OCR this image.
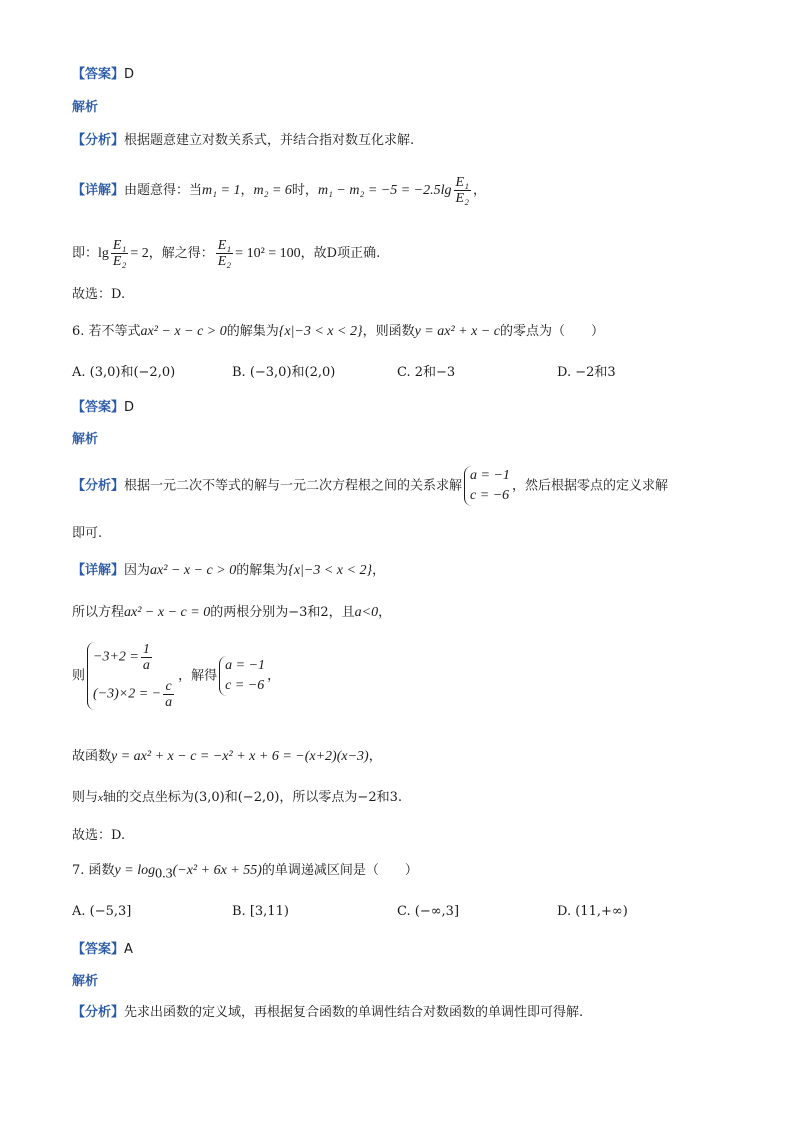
【答案】D
解析
【分析】根据题意建立对数关系式，并结合指对数互化求解.
【详解】由题意得：当m₁ = 1，m₂ = 6时，$m_1 - m_2 = -5 = -2.5\lg \frac{\text{E₁}}{\text{E₂}}$ ，
即：$\lg \frac{\text{E₁}}{\text{E₂}} = 2$，解之得： $\frac{\text{E₁}}{\text{E₂}} = 10^2 = 100$，故D项正确.
故选：D.
6. 若不等式ax² − x − c > 0的解集为{x|−3 < x < 2}，则函数y = ax² + x − c的零点为（　　）
A. (3,0)和(−2,0)	B. (−3,0)和(2,0)	C. 2和−3	D. −2和3
【答案】D
解析
【分析】根据一元二次不等式的解与一元二次方程根之间的关系求解
a = −1
c = −6
，然后根据零点的定义求解
即可.
【详解】因为ax² − x − c > 0的解集为{x|−3 < x < 2}，
所以方程ax² − x − c = 0的两根分别为−3和2，且a<0，
则
$-3+2 = \frac{1}{a}$
(−3)×2 = − $\frac{c}{a}$
，解得
a = −1
c = −6
，
故函数y = ax² + x − c = −x² + x + 6 = −(x+2)(x−3)，
则与x轴的交点坐标为(3,0)和(−2,0)，所以零点为−2和3.
故选：D.
7. 函数$y = \log_{0.3}(-x^2 + 6x + 55)$的单调递减区间是（　　）
A. (−5,3]	B. [3,11)	C. (−∞,3]	D. (11,+∞)
【答案】A
解析
【分析】先求出函数的定义域，再根据复合函数的单调性结合对数函数的单调性即可得解.
